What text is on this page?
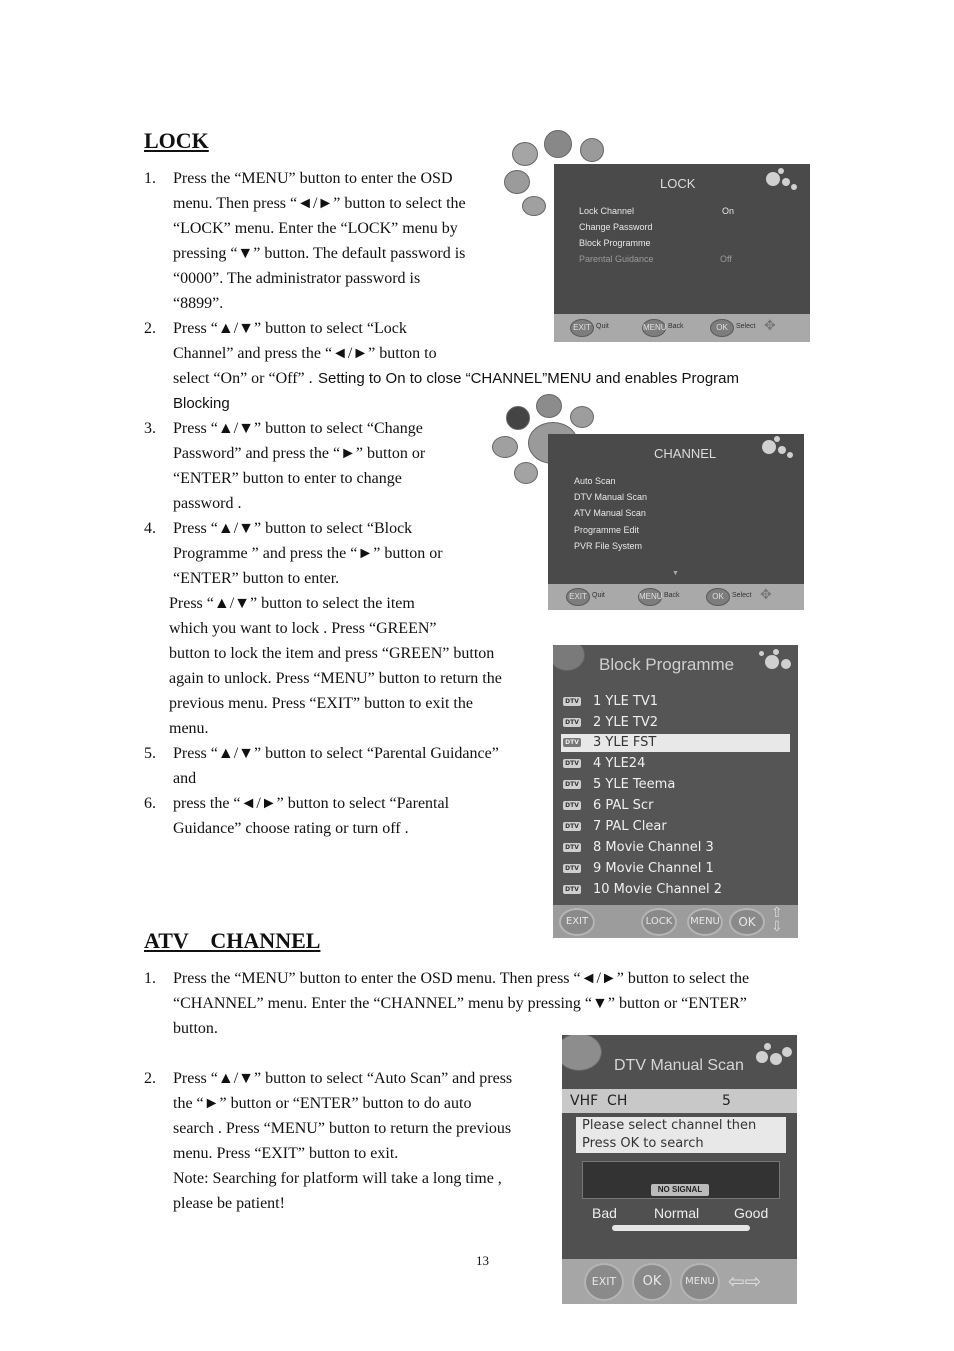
LOCK
1. Press the “MENU” button to enter the OSD
menu. Then press “◄/►” button to select the
“LOCK” menu. Enter the “LOCK” menu by
pressing “▼” button. The default password is
“0000”. The administrator password is
“8899”.
2. Press “▲/▼” button to select “Lock
Channel” and press the “◄/►” button to
select “On” or “Off” . Setting to On to close “CHANNEL”MENU and enables Program
Blocking
3. Press “▲/▼” button to select “Change
Password” and press the “►” button or
“ENTER” button to enter to change
password .
4. Press “▲/▼” button to select “Block
Programme ” and press the “►” button or
“ENTER” button to enter.
Press “▲/▼” button to select the item
which you want to lock . Press “GREEN”
button to lock the item and press “GREEN” button
again to unlock. Press “MENU” button to return the
previous menu. Press “EXIT” button to exit the
menu.
5. Press “▲/▼” button to select “Parental Guidance”
and
6. press the “◄/►” button to select “Parental
Guidance” choose rating or turn off .
ATV    CHANNEL
1. Press the “MENU” button to enter the OSD menu. Then press “◄/►” button to select the
“CHANNEL” menu. Enter the “CHANNEL” menu by pressing “▼” button or “ENTER”
button.
2. Press “▲/▼” button to select “Auto Scan” and press
the “►” button or “ENTER” button to do auto
search . Press “MENU” button to return the previous
menu. Press “EXIT” button to exit.
Note: Searching for platform will take a long time ,
please be patient!
13
LOCK
Lock Channel	On
Change Password
Block Programme
Parental Guidance	Off
EXIT Quit	MENU Back	OK	Select ✥
CHANNEL
Auto Scan
DTV Manual Scan
ATV Manual Scan
Programme Edit
PVR File System
▼
EXIT Quit	MENU Back	OK	Select ✥
Block Programme
DTV 1 YLE TV1
DTV 2 YLE TV2
DTV 3 YLE FST
DTV 4 YLE24
DTV 5 YLE Teema
DTV 6 PAL Scr
DTV 7 PAL Clear
DTV 8 Movie Channel 3
DTV 9 Movie Channel 1
DTV 10 Movie Channel 2
EXIT	LOCK	MENU	OK
⇧
⇩
DTV Manual Scan
VHF  CH	5
Please select channel then
Press OK to search
NO SIGNAL
Bad	Normal Good
EXIT	OK	MENU ⇦⇨
